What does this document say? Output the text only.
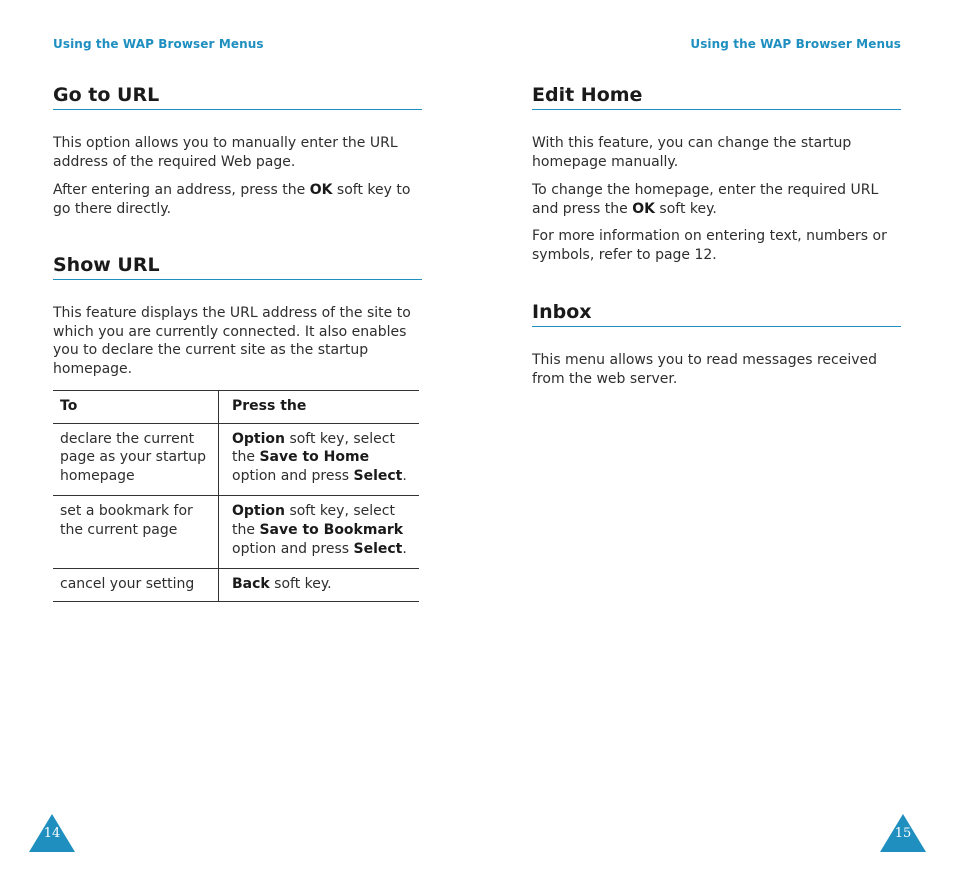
Using the WAP Browser Menus	Using the WAP Browser Menus
Go to URL

This option allows you to manually enter the URL address of the required Web page.

After entering an address, press the OK soft key to go there directly.

Show URL

This feature displays the URL address of the site to which you are currently connected. It also enables you to declare the current site as the startup homepage.

To	Press the
declare the current page as your startup homepage	Option soft key, select the Save to Home option and press Select.
set a bookmark for the current page	Option soft key, select the Save to Bookmark option and press Select.
cancel your setting	Back soft key.
14
Edit Home

With this feature, you can change the startup homepage manually.

To change the homepage, enter the required URL and press the OK soft key.

For more information on entering text, numbers or symbols, refer to page 12.

Inbox

This menu allows you to read messages received from the web server.

15
